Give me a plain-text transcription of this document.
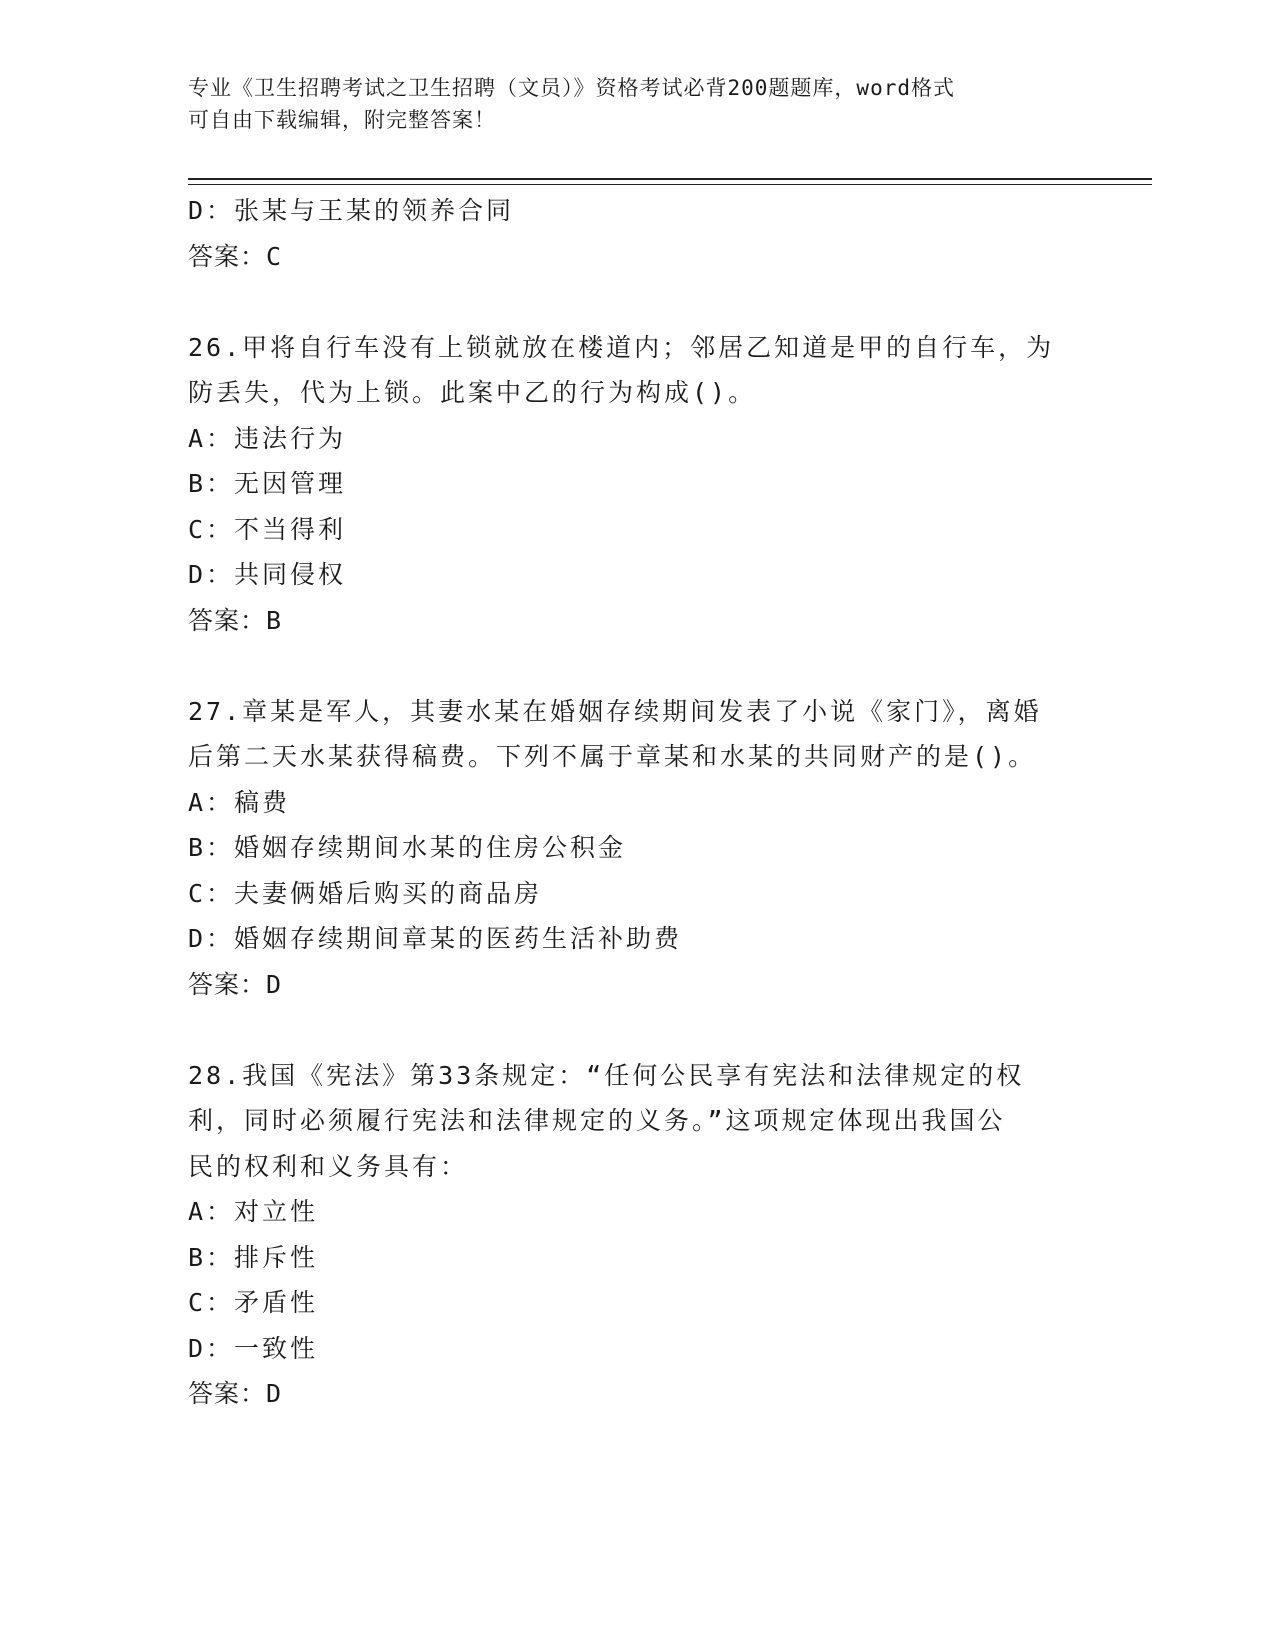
专业《卫生招聘考试之卫生招聘（文员）》资格考试必背200题题库，word格式
可自由下载编辑，附完整答案！
D：张某与王某的领养合同
答案：C
26.甲将自行车没有上锁就放在楼道内；邻居乙知道是甲的自行车，为
防丢失，代为上锁。此案中乙的行为构成()。
A：违法行为
B：无因管理
C：不当得利
D：共同侵权
答案：B
27.章某是军人，其妻水某在婚姻存续期间发表了小说《家门》，离婚
后第二天水某获得稿费。下列不属于章某和水某的共同财产的是()。
A：稿费
B：婚姻存续期间水某的住房公积金
C：夫妻俩婚后购买的商品房
D：婚姻存续期间章某的医药生活补助费
答案：D
28.我国《宪法》第33条规定：“任何公民享有宪法和法律规定的权
利，同时必须履行宪法和法律规定的义务。”这项规定体现出我国公
民的权利和义务具有：
A：对立性
B：排斥性
C：矛盾性
D：一致性
答案：D
